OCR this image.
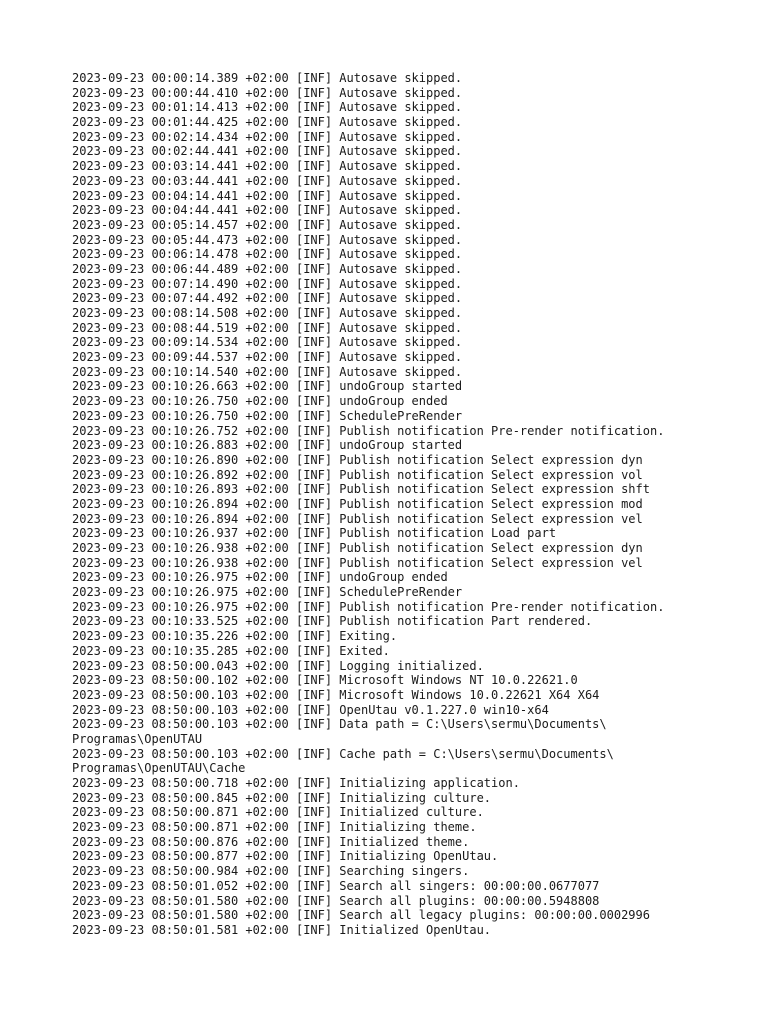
2023-09-23 00:00:14.389 +02:00 [INF] Autosave skipped.
2023-09-23 00:00:44.410 +02:00 [INF] Autosave skipped.
2023-09-23 00:01:14.413 +02:00 [INF] Autosave skipped.
2023-09-23 00:01:44.425 +02:00 [INF] Autosave skipped.
2023-09-23 00:02:14.434 +02:00 [INF] Autosave skipped.
2023-09-23 00:02:44.441 +02:00 [INF] Autosave skipped.
2023-09-23 00:03:14.441 +02:00 [INF] Autosave skipped.
2023-09-23 00:03:44.441 +02:00 [INF] Autosave skipped.
2023-09-23 00:04:14.441 +02:00 [INF] Autosave skipped.
2023-09-23 00:04:44.441 +02:00 [INF] Autosave skipped.
2023-09-23 00:05:14.457 +02:00 [INF] Autosave skipped.
2023-09-23 00:05:44.473 +02:00 [INF] Autosave skipped.
2023-09-23 00:06:14.478 +02:00 [INF] Autosave skipped.
2023-09-23 00:06:44.489 +02:00 [INF] Autosave skipped.
2023-09-23 00:07:14.490 +02:00 [INF] Autosave skipped.
2023-09-23 00:07:44.492 +02:00 [INF] Autosave skipped.
2023-09-23 00:08:14.508 +02:00 [INF] Autosave skipped.
2023-09-23 00:08:44.519 +02:00 [INF] Autosave skipped.
2023-09-23 00:09:14.534 +02:00 [INF] Autosave skipped.
2023-09-23 00:09:44.537 +02:00 [INF] Autosave skipped.
2023-09-23 00:10:14.540 +02:00 [INF] Autosave skipped.
2023-09-23 00:10:26.663 +02:00 [INF] undoGroup started
2023-09-23 00:10:26.750 +02:00 [INF] undoGroup ended
2023-09-23 00:10:26.750 +02:00 [INF] SchedulePreRender
2023-09-23 00:10:26.752 +02:00 [INF] Publish notification Pre-render notification.
2023-09-23 00:10:26.883 +02:00 [INF] undoGroup started
2023-09-23 00:10:26.890 +02:00 [INF] Publish notification Select expression dyn
2023-09-23 00:10:26.892 +02:00 [INF] Publish notification Select expression vol
2023-09-23 00:10:26.893 +02:00 [INF] Publish notification Select expression shft
2023-09-23 00:10:26.894 +02:00 [INF] Publish notification Select expression mod
2023-09-23 00:10:26.894 +02:00 [INF] Publish notification Select expression vel
2023-09-23 00:10:26.937 +02:00 [INF] Publish notification Load part
2023-09-23 00:10:26.938 +02:00 [INF] Publish notification Select expression dyn
2023-09-23 00:10:26.938 +02:00 [INF] Publish notification Select expression vel
2023-09-23 00:10:26.975 +02:00 [INF] undoGroup ended
2023-09-23 00:10:26.975 +02:00 [INF] SchedulePreRender
2023-09-23 00:10:26.975 +02:00 [INF] Publish notification Pre-render notification.
2023-09-23 00:10:33.525 +02:00 [INF] Publish notification Part rendered.
2023-09-23 00:10:35.226 +02:00 [INF] Exiting.
2023-09-23 00:10:35.285 +02:00 [INF] Exited.
2023-09-23 08:50:00.043 +02:00 [INF] Logging initialized.
2023-09-23 08:50:00.102 +02:00 [INF] Microsoft Windows NT 10.0.22621.0
2023-09-23 08:50:00.103 +02:00 [INF] Microsoft Windows 10.0.22621 X64 X64
2023-09-23 08:50:00.103 +02:00 [INF] OpenUtau v0.1.227.0 win10-x64
2023-09-23 08:50:00.103 +02:00 [INF] Data path = C:\Users\sermu\Documents\
Programas\OpenUTAU
2023-09-23 08:50:00.103 +02:00 [INF] Cache path = C:\Users\sermu\Documents\
Programas\OpenUTAU\Cache
2023-09-23 08:50:00.718 +02:00 [INF] Initializing application.
2023-09-23 08:50:00.845 +02:00 [INF] Initializing culture.
2023-09-23 08:50:00.871 +02:00 [INF] Initialized culture.
2023-09-23 08:50:00.871 +02:00 [INF] Initializing theme.
2023-09-23 08:50:00.876 +02:00 [INF] Initialized theme.
2023-09-23 08:50:00.877 +02:00 [INF] Initializing OpenUtau.
2023-09-23 08:50:00.984 +02:00 [INF] Searching singers.
2023-09-23 08:50:01.052 +02:00 [INF] Search all singers: 00:00:00.0677077
2023-09-23 08:50:01.580 +02:00 [INF] Search all plugins: 00:00:00.5948808
2023-09-23 08:50:01.580 +02:00 [INF] Search all legacy plugins: 00:00:00.0002996
2023-09-23 08:50:01.581 +02:00 [INF] Initialized OpenUtau.
